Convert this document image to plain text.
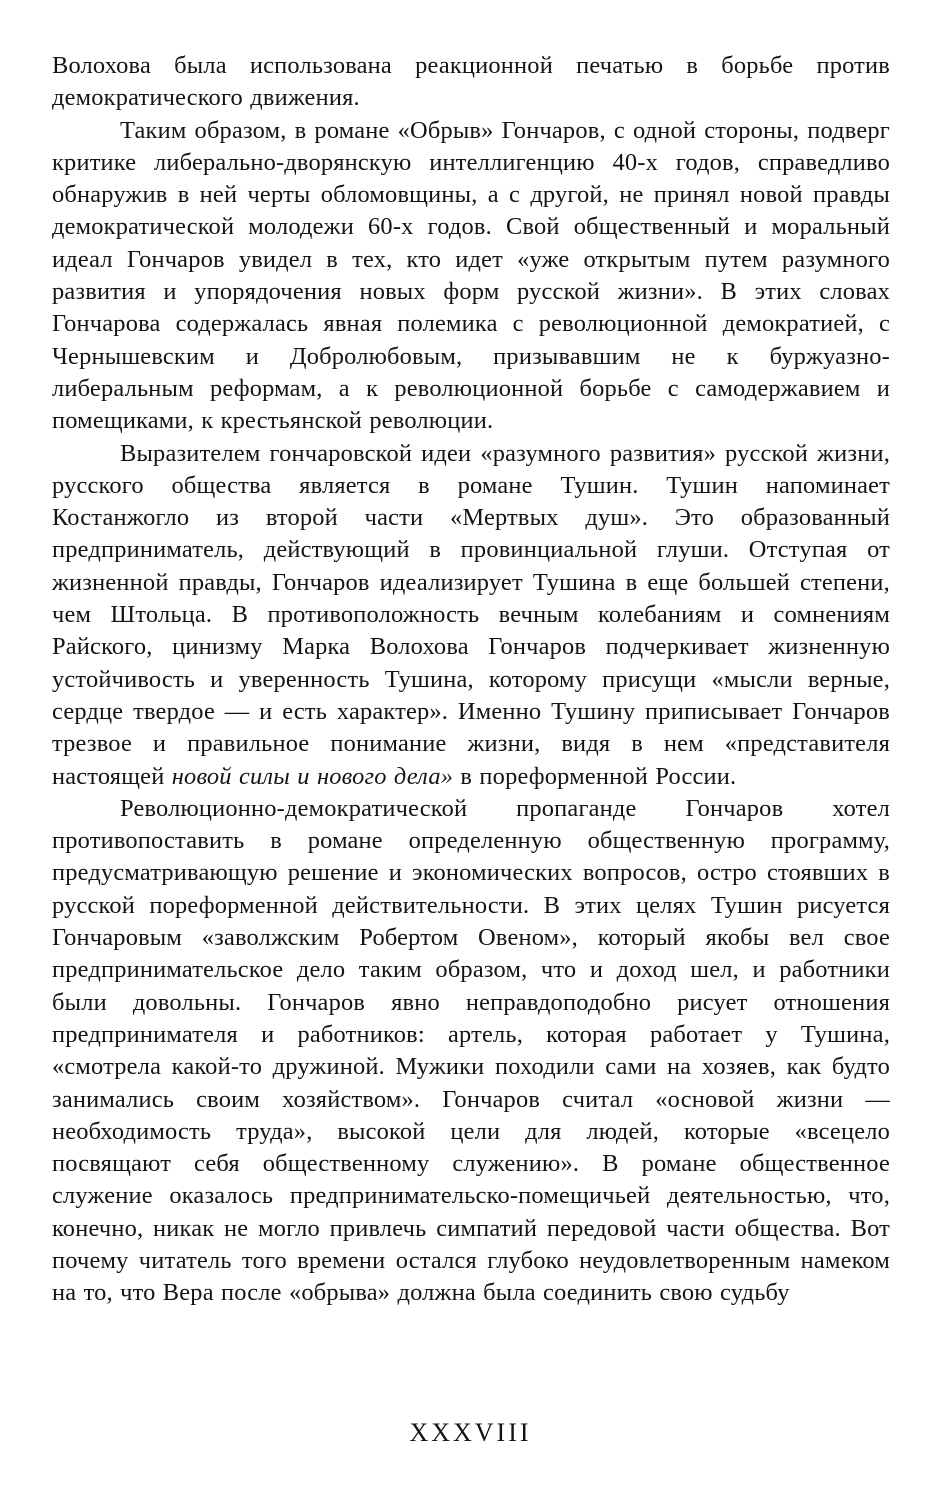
Волохова была использована реакционной печатью в борьбе против демократического движения.

Таким образом, в романе «Обрыв» Гончаров, с одной стороны, подверг критике либерально-дворянскую интеллигенцию 40-х годов, справедливо обнаружив в ней черты обломовщины, а с другой, не принял новой правды демократической молодежи 60-х годов. Свой общественный и моральный идеал Гончаров увидел в тех, кто идет «уже открытым путем разумного развития и упорядочения новых форм русской жизни». В этих словах Гончарова содержалась явная полемика с революционной демократией, с Чернышевским и Добролюбовым, призывавшим не к буржуазно-либеральным реформам, а к революционной борьбе с самодержавием и помещиками, к крестьянской революции.

Выразителем гончаровской идеи «разумного развития» русской жизни, русского общества является в романе Тушин. Тушин напоминает Костанжогло из второй части «Мертвых душ». Это образованный предприниматель, действующий в провинциальной глуши. Отступая от жизненной правды, Гончаров идеализирует Тушина в еще большей степени, чем Штольца. В противоположность вечным колебаниям и сомнениям Райского, цинизму Марка Волохова Гончаров подчеркивает жизненную устойчивость и уверенность Тушина, которому присущи «мысли верные, сердце твердое — и есть характер». Именно Тушину приписывает Гончаров трезвое и правильное понимание жизни, видя в нем «представителя настоящей новой силы и нового дела» в пореформенной России.

Революционно-демократической пропаганде Гончаров хотел противопоставить в романе определенную общественную программу, предусматривающую решение и экономических вопросов, остро стоявших в русской пореформенной действительности. В этих целях Тушин рисуется Гончаровым «заволжским Робертом Овеном», который якобы вел свое предпринимательское дело таким образом, что и доход шел, и работники были довольны. Гончаров явно неправдоподобно рисует отношения предпринимателя и работников: артель, которая работает у Тушина, «смотрела какой-то дружиной. Мужики походили сами на хозяев, как будто занимались своим хозяйством». Гончаров считал «основой жизни — необходимость труда», высокой цели для людей, которые «всецело посвящают себя общественному служению». В романе общественное служение оказалось предпринимательско-помещичьей деятельностью, что, конечно, никак не могло привлечь симпатий передовой части общества. Вот почему читатель того времени остался глубоко неудовлетворенным намеком на то, что Вера после «обрыва» должна была соединить свою судьбу

XXXVIII
